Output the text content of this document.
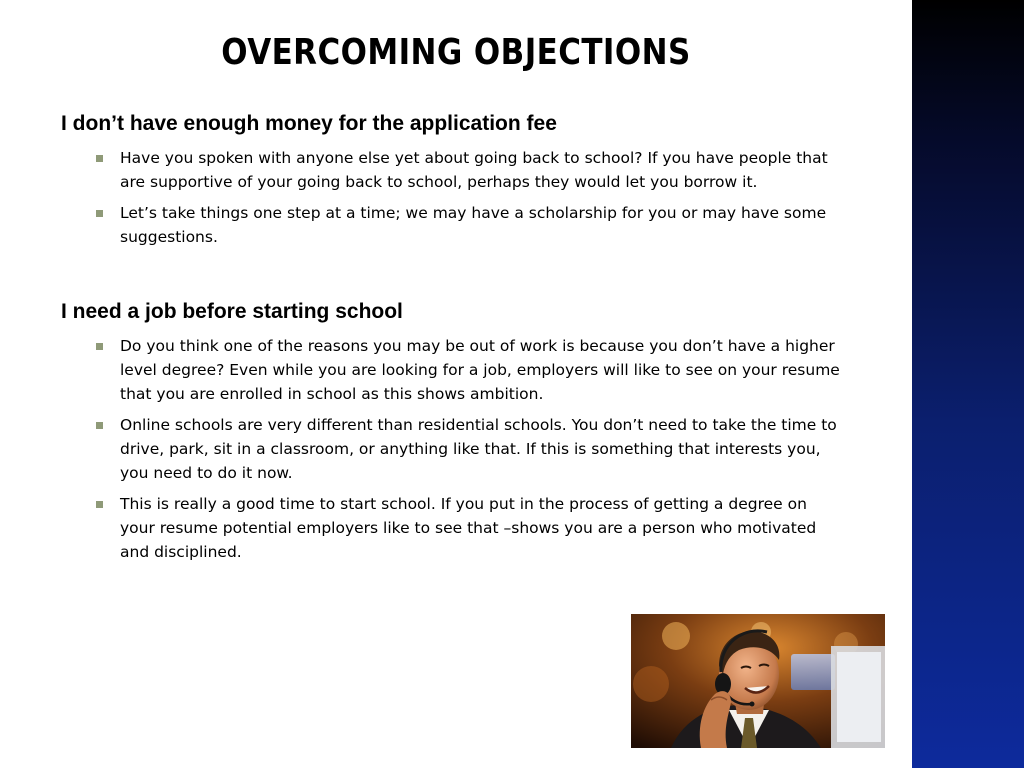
OVERCOMING OBJECTIONS
I don’t have enough money for the application fee
Have you spoken with anyone else yet about going back to school? If you have people that are supportive of your going back to school, perhaps they would let you borrow it.
Let’s take things one step at a time; we may have a scholarship for you or may have some suggestions.
I need a job before starting school
Do you think one of the reasons you may be out of work is because you don’t have a higher level degree? Even while you are looking for a job, employers will like to see on your resume that you are enrolled in school as this shows ambition.
Online schools are very different than residential schools. You don’t need to take the time to drive, park, sit in a classroom, or anything like that. If this is something that interests you, you need to do it now.
This is really a good time to start school. If you put in the process of getting a degree on your resume potential employers like to see that –shows you are a person who motivated and disciplined.
